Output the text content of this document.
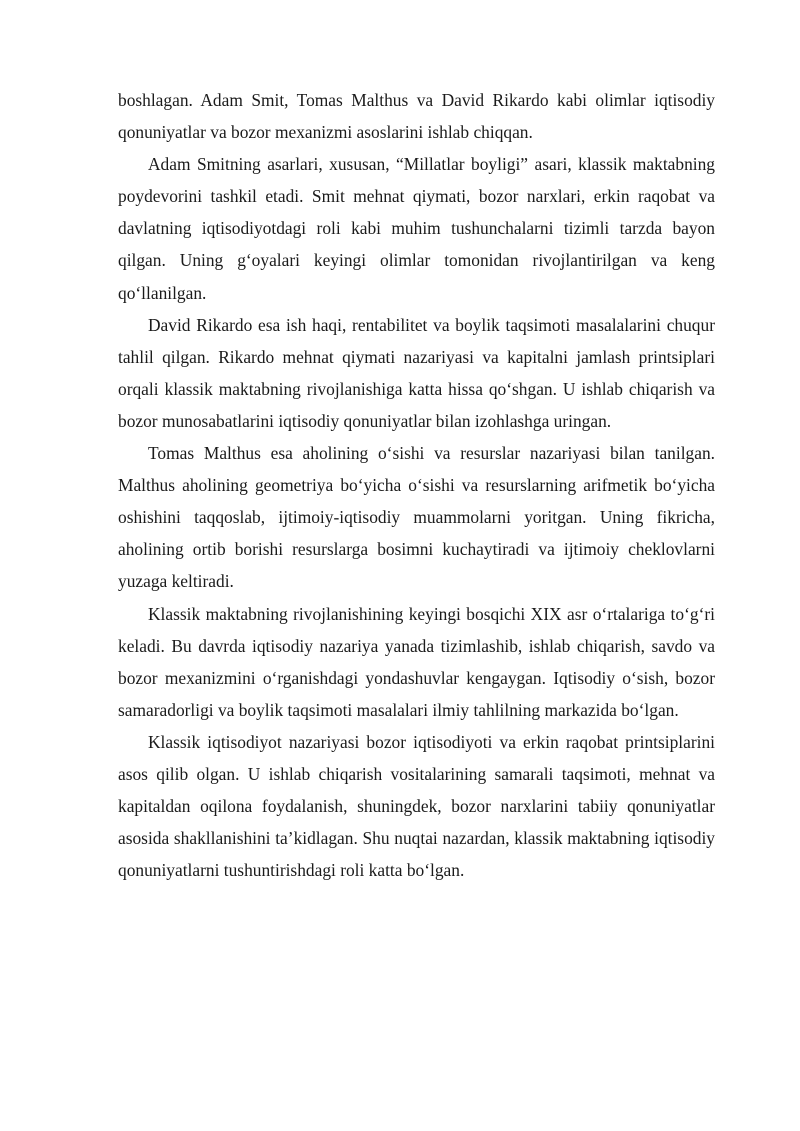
boshlagan. Adam Smit, Tomas Malthus va David Rikardo kabi olimlar iqtisodiy qonuniyatlar va bozor mexanizmi asoslarini ishlab chiqqan.

Adam Smitning asarlari, xususan, “Millatlar boyligi” asari, klassik maktabning poydevorini tashkil etadi. Smit mehnat qiymati, bozor narxlari, erkin raqobat va davlatning iqtisodiyotdagi roli kabi muhim tushunchalarni tizimli tarzda bayon qilgan. Uning g‘oyalari keyingi olimlar tomonidan rivojlantirilgan va keng qo‘llanilgan.

David Rikardo esa ish haqi, rentabilitet va boylik taqsimoti masalalarini chuqur tahlil qilgan. Rikardo mehnat qiymati nazariyasi va kapitalni jamlash printsiplari orqali klassik maktabning rivojlanishiga katta hissa qo‘shgan. U ishlab chiqarish va bozor munosabatlarini iqtisodiy qonuniyatlar bilan izohlashga uringan.

Tomas Malthus esa aholining o‘sishi va resurslar nazariyasi bilan tanilgan. Malthus aholining geometriya bo‘yicha o‘sishi va resurslarning arifmetik bo‘yicha oshishini taqqoslab, ijtimoiy-iqtisodiy muammolarni yoritgan. Uning fikricha, aholining ortib borishi resurslarga bosimni kuchaytiradi va ijtimoiy cheklovlarni yuzaga keltiradi.

Klassik maktabning rivojlanishining keyingi bosqichi XIX asr o‘rtalariga to‘g‘ri keladi. Bu davrda iqtisodiy nazariya yanada tizimlashib, ishlab chiqarish, savdo va bozor mexanizmini o‘rganishdagi yondashuvlar kengaygan. Iqtisodiy o‘sish, bozor samaradorligi va boylik taqsimoti masalalari ilmiy tahlilning markazida bo‘lgan.

Klassik iqtisodiyot nazariyasi bozor iqtisodiyoti va erkin raqobat printsiplarini asos qilib olgan. U ishlab chiqarish vositalarining samarali taqsimoti, mehnat va kapitaldan oqilona foydalanish, shuningdek, bozor narxlarini tabiiy qonuniyatlar asosida shakllanishini ta’kidlagan. Shu nuqtai nazardan, klassik maktabning iqtisodiy qonuniyatlarni tushuntirishdagi roli katta bo‘lgan.
